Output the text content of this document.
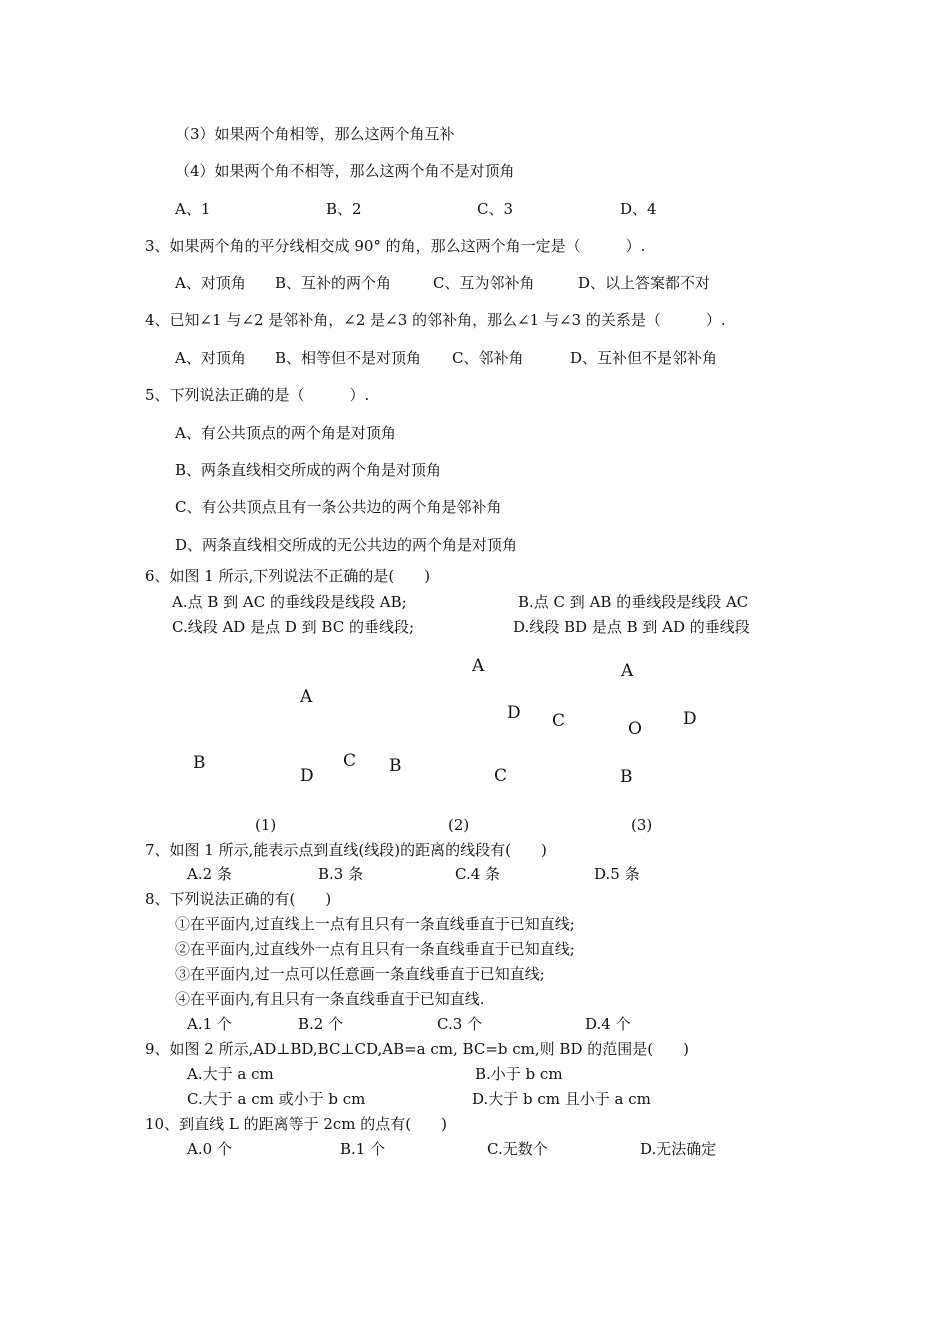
（3）如果两个角相等，那么这两个角互补
（4）如果两个角不相等，那么这两个角不是对顶角
A、1	B、2	C、3	D、4
3、如果两个角的平分线相交成 90° 的角，那么这两个角一定是（　　　）.
A、对顶角 B、互补的两个角	C、互为邻补角	D、以上答案都不对
4、已知∠1 与∠2 是邻补角，∠2 是∠3 的邻补角，那么∠1 与∠3 的关系是（　　　）.
A、对顶角 B、相等但不是对顶角 C、邻补角	D、互补但不是邻补角
5、下列说法正确的是（　　　）.
A、有公共顶点的两个角是对顶角
B、两条直线相交所成的两个角是对顶角
C、有公共顶点且有一条公共边的两个角是邻补角
D、两条直线相交所成的无公共边的两个角是对顶角
6、如图 1 所示,下列说法不正确的是(　　)
A.点 B 到 AC 的垂线段是线段 AB;	B.点 C 到 AB 的垂线段是线段 AC
C.线段 AD 是点 D 到 BC 的垂线段;	D.线段 BD 是点 B 到 AD 的垂线段
A
B	C
D
A
D
C
B
C
A
O D
B
(1)	(2)	(3)
7、如图 1 所示,能表示点到直线(线段)的距离的线段有(　　)
A.2 条	B.3 条	C.4 条	D.5 条
8、下列说法正确的有(　　)
①在平面内,过直线上一点有且只有一条直线垂直于已知直线;
②在平面内,过直线外一点有且只有一条直线垂直于已知直线;
③在平面内,过一点可以任意画一条直线垂直于已知直线;
④在平面内,有且只有一条直线垂直于已知直线.
A.1 个	B.2 个	C.3 个	D.4 个
9、如图 2 所示,AD⊥BD,BC⊥CD,AB=a cm, BC=b cm,则 BD 的范围是(　　)
A.大于 a cm	B.小于 b cm
C.大于 a cm 或小于 b cm	D.大于 b cm 且小于 a cm
10、到直线 L 的距离等于 2cm 的点有(　　)
A.0 个	B.1 个	C.无数个	D.无法确定
